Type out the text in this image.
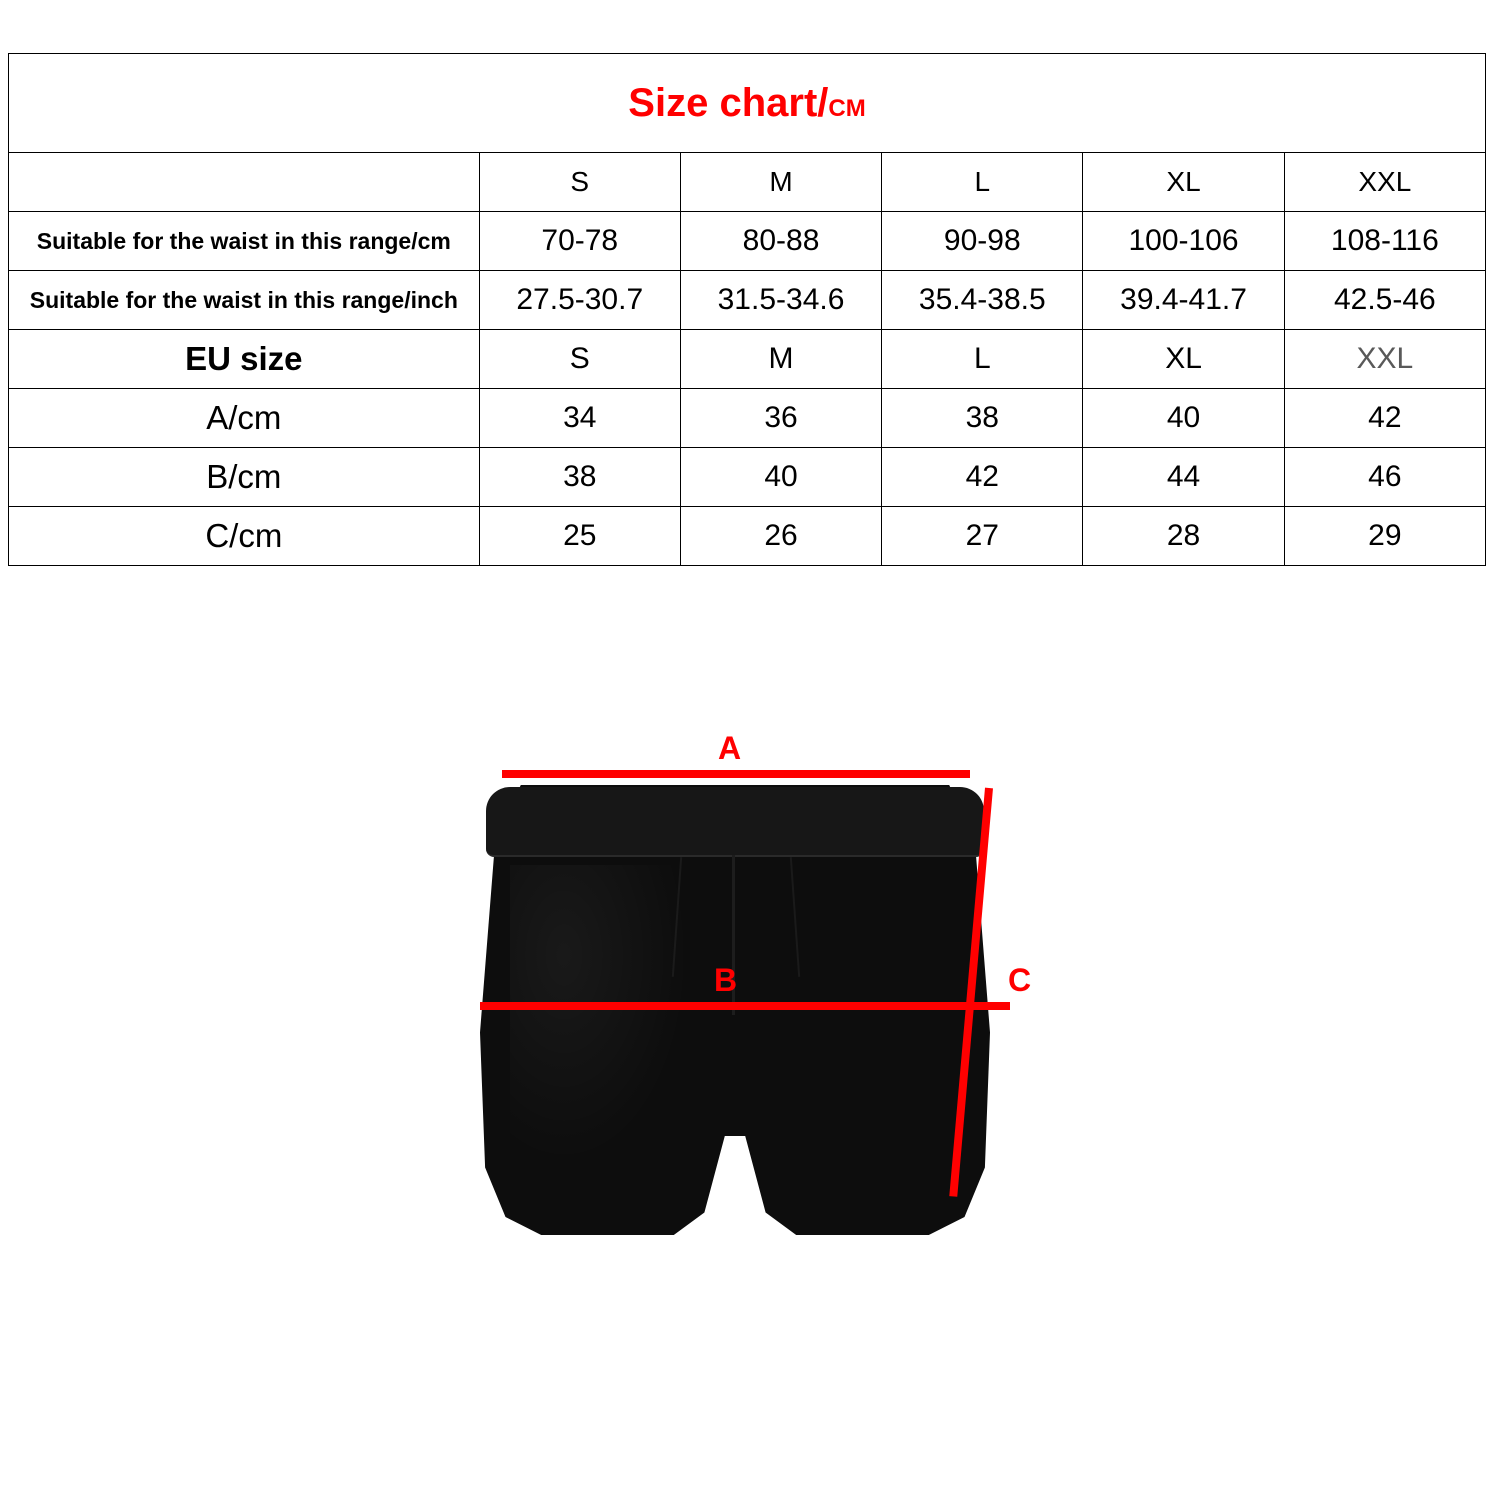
Size chart/CM					
	S	M	L	XL	XXL
Suitable for the waist in this range/cm	70-78	80-88	90-98	100-106	108-116
Suitable for the waist in this range/inch	27.5-30.7	31.5-34.6	35.4-38.5	39.4-41.7	42.5-46
EU size	S	M	L	XL	XXL
A/cm	34	36	38	40	42
B/cm	38	40	42	44	46
C/cm	25	26	27	28	29
A
B	C
